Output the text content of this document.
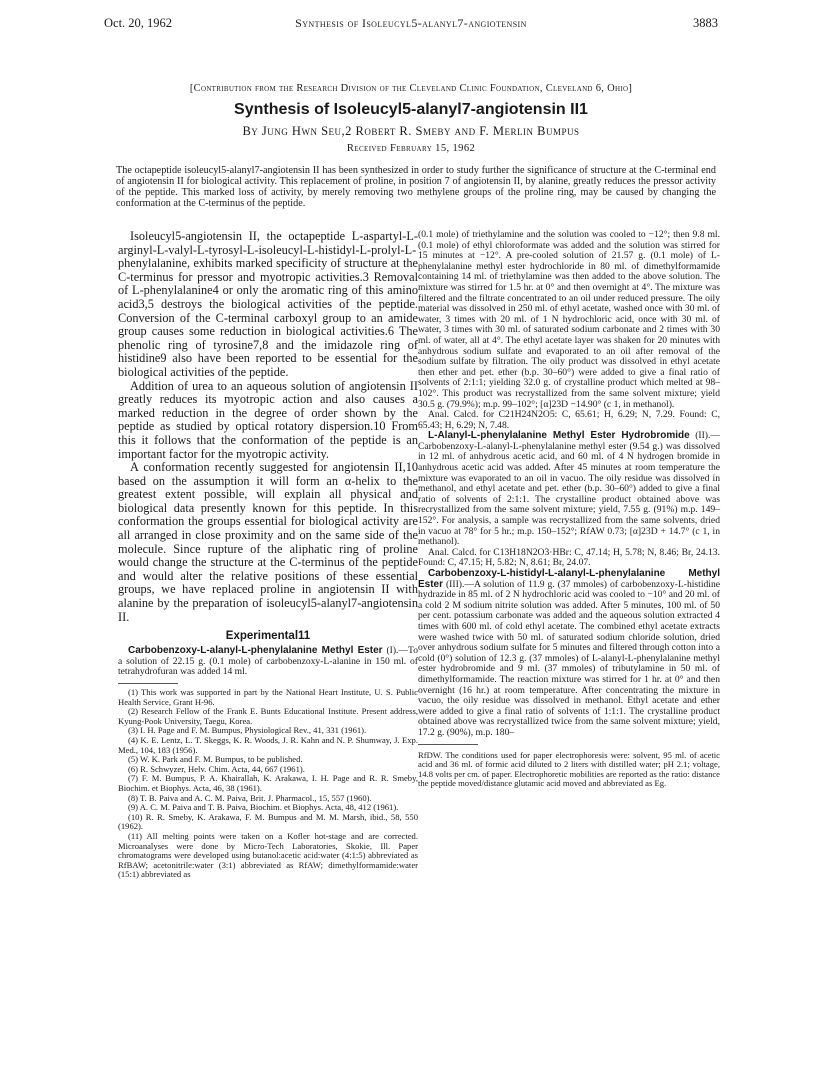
Oct. 20, 1962	Synthesis of Isoleucyl5-alanyl7-angiotensin	3883
[Contribution from the Research Division of the Cleveland Clinic Foundation, Cleveland 6, Ohio]
Synthesis of Isoleucyl5-alanyl7-angiotensin II1
By Jung Hwn Seu,2 Robert R. Smeby and F. Merlin Bumpus
Received February 15, 1962
The octapeptide isoleucyl5-alanyl7-angiotensin II has been synthesized in order to study further the significance of structure at the C-terminal end of angiotensin II for biological activity. This replacement of proline, in position 7 of angiotensin II, by alanine, greatly reduces the pressor activity of the peptide. This marked loss of activity, by merely removing two methylene groups of the proline ring, may be caused by changing the conformation at the C-terminus of the peptide.

Isoleucyl5-angiotensin II, the octapeptide L-aspartyl-L-arginyl-L-valyl-L-tyrosyl-L-isoleucyl-L-histidyl-L-prolyl-L-phenylalanine, exhibits marked specificity of structure at the C-terminus for pressor and myotropic activities.3 Removal of L-phenylalanine4 or only the aromatic ring of this amino acid3,5 destroys the biological activities of the peptide. Conversion of the C-terminal carboxyl group to an amide group causes some reduction in biological activities.6 The phenolic ring of tyrosine7,8 and the imidazole ring of histidine9 also have been reported to be essential for the biological activities of the peptide.

Addition of urea to an aqueous solution of angiotensin II greatly reduces its myotropic action and also causes a marked reduction in the degree of order shown by the peptide as studied by optical rotatory dispersion.10 From this it follows that the conformation of the peptide is an important factor for the myotropic activity.

A conformation recently suggested for angiotensin II,10 based on the assumption it will form an α-helix to the greatest extent possible, will explain all physical and biological data presently known for this peptide. In this conformation the groups essential for biological activity are all arranged in close proximity and on the same side of the molecule. Since rupture of the aliphatic ring of proline would change the structure at the C-terminus of the peptide and would alter the relative positions of these essential groups, we have replaced proline in angiotensin II with alanine by the preparation of isoleucyl5-alanyl7-angiotensin II.

Experimental11

Carbobenzoxy-L-alanyl-L-phenylalanine Methyl Ester (I).—To a solution of 22.15 g. (0.1 mole) of carbobenzoxy-L-alanine in 150 ml. of tetrahydrofuran was added 14 ml.

(1) This work was supported in part by the National Heart Institute, U. S. Public Health Service, Grant H-96.

(2) Research Fellow of the Frank E. Bunts Educational Institute. Present address, Kyung-Pook University, Taegu, Korea.

(3) I. H. Page and F. M. Bumpus, Physiological Rev., 41, 331 (1961).

(4) K. E. Lentz, L. T. Skeggs, K. R. Woods, J. R. Kahn and N. P. Shumway, J. Exp. Med., 104, 183 (1956).

(5) W. K. Park and F. M. Bumpus, to be published.

(6) R. Schwyzer, Helv. Chim. Acta, 44, 667 (1961).

(7) F. M. Bumpus, P. A. Khairallah, K. Arakawa, I. H. Page and R. R. Smeby, Biochim. et Biophys. Acta, 46, 38 (1961).

(8) T. B. Paiva and A. C. M. Paiva, Brit. J. Pharmacol., 15, 557 (1960).

(9) A. C. M. Paiva and T. B. Paiva, Biochim. et Biophys. Acta, 48, 412 (1961).

(10) R. R. Smeby, K. Arakawa, F. M. Bumpus and M. M. Marsh, ibid., 58, 550 (1962).

(11) All melting points were taken on a Kofler hot-stage and are corrected. Microanalyses were done by Micro-Tech Laboratories, Skokie, Ill. Paper chromatograms were developed using butanol:acetic acid:water (4:1:5) abbreviated as RfBAW; acetonitrile:water (3:1) abbreviated as RfAW; dimethylformamide:water (15:1) abbreviated as

(0.1 mole) of triethylamine and the solution was cooled to −12°; then 9.8 ml. (0.1 mole) of ethyl chloroformate was added and the solution was stirred for 15 minutes at −12°. A pre-cooled solution of 21.57 g. (0.1 mole) of L-phenylalanine methyl ester hydrochloride in 80 ml. of dimethylformamide containing 14 ml. of triethylamine was then added to the above solution. The mixture was stirred for 1.5 hr. at 0° and then overnight at 4°. The mixture was filtered and the filtrate concentrated to an oil under reduced pressure. The oily material was dissolved in 250 ml. of ethyl acetate, washed once with 30 ml. of water, 3 times with 20 ml. of 1 N hydrochloric acid, once with 30 ml. of water, 3 times with 30 ml. of saturated sodium carbonate and 2 times with 30 ml. of water, all at 4°. The ethyl acetate layer was shaken for 20 minutes with anhydrous sodium sulfate and evaporated to an oil after removal of the sodium sulfate by filtration. The oily product was dissolved in ethyl acetate then ether and pet. ether (b.p. 30–60°) were added to give a final ratio of solvents of 2:1:1; yielding 32.0 g. of crystalline product which melted at 98–102°. This product was recrystallized from the same solvent mixture; yield 30.5 g. (79.9%); m.p. 99–102°; [α]23D −14.90° (c 1, in methanol).

Anal. Calcd. for C21H24N2O5: C, 65.61; H, 6.29; N, 7.29. Found: C, 65.43; H, 6.29; N, 7.48.

L-Alanyl-L-phenylalanine Methyl Ester Hydrobromide (II).—Carbobenzoxy-L-alanyl-L-phenylalanine methyl ester (9.54 g.) was dissolved in 12 ml. of anhydrous acetic acid, and 60 ml. of 4 N hydrogen bromide in anhydrous acetic acid was added. After 45 minutes at room temperature the mixture was evaporated to an oil in vacuo. The oily residue was dissolved in methanol, and ethyl acetate and pet. ether (b.p. 30–60°) added to give a final ratio of solvents of 2:1:1. The crystalline product obtained above was recrystallized from the same solvent mixture; yield, 7.55 g. (91%) m.p. 149–152°. For analysis, a sample was recrystallized from the same solvents, dried in vacuo at 78° for 5 hr.; m.p. 150–152°; RfAW 0.73; [α]23D + 14.7° (c 1, in methanol).

Anal. Calcd. for C13H18N2O3·HBr: C, 47.14; H, 5.78; N, 8.46; Br, 24.13. Found: C, 47.15; H, 5.82; N, 8.61; Br, 24.07.

Carbobenzoxy-L-histidyl-L-alanyl-L-phenylalanine Methyl Ester (III).—A solution of 11.9 g. (37 mmoles) of carbobenzoxy-L-histidine hydrazide in 85 ml. of 2 N hydrochloric acid was cooled to −10° and 20 ml. of a cold 2 M sodium nitrite solution was added. After 5 minutes, 100 ml. of 50 per cent. potassium carbonate was added and the aqueous solution extracted 4 times with 600 ml. of cold ethyl acetate. The combined ethyl acetate extracts were washed twice with 50 ml. of saturated sodium chloride solution, dried over anhydrous sodium sulfate for 5 minutes and filtered through cotton into a cold (0°) solution of 12.3 g. (37 mmoles) of L-alanyl-L-phenylalanine methyl ester hydrobromide and 9 ml. (37 mmoles) of tributylamine in 50 ml. of dimethylformamide. The reaction mixture was stirred for 1 hr. at 0° and then overnight (16 hr.) at room temperature. After concentrating the mixture in vacuo, the oily residue was dissolved in methanol. Ethyl acetate and ether were added to give a final ratio of solvents of 1:1:1. The crystalline product obtained above was recrystallized twice from the same solvent mixture; yield, 17.2 g. (90%), m.p. 180–

RfDW. The conditions used for paper electrophoresis were: solvent, 95 ml. of acetic acid and 36 ml. of formic acid diluted to 2 liters with distilled water; pH 2.1; voltage, 14.8 volts per cm. of paper. Electrophoretic mobilities are reported as the ratio: distance the peptide moved/distance glutamic acid moved and abbreviated as Eg.
